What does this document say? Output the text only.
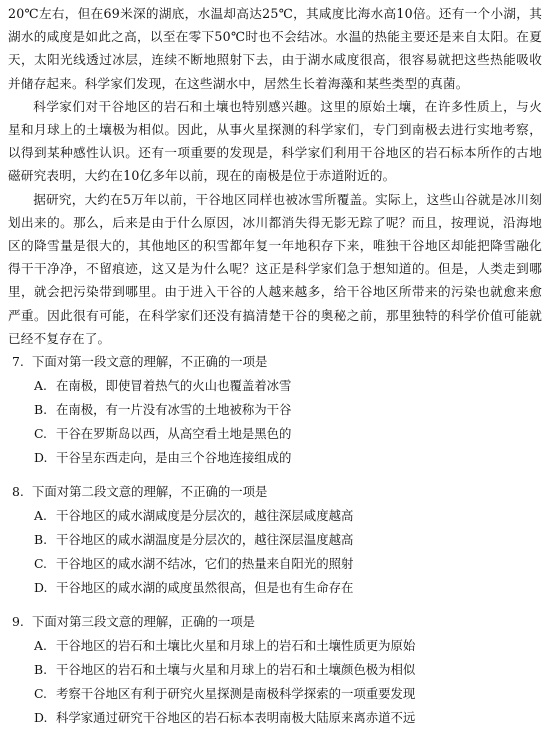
20℃左右，但在69米深的湖底，水温却高达25℃，其咸度比海水高10倍。还有一个小湖，其湖水的咸度是如此之高，以至在零下50℃时也不会结冰。水温的热能主要还是来自太阳。在夏天，太阳光线透过冰层，连续不断地照射下去，由于湖水咸度很高，很容易就把这些热能吸收并储存起来。科学家们发现，在这些湖水中，居然生长着海藻和某些类型的真菌。

科学家们对干谷地区的岩石和土壤也特别感兴趣。这里的原始土壤，在许多性质上，与火星和月球上的土壤极为相似。因此，从事火星探测的科学家们，专门到南极去进行实地考察，以得到某种感性认识。还有一项重要的发现是，科学家们利用干谷地区的岩石标本所作的古地磁研究表明，大约在10亿多年以前，现在的南极是位于赤道附近的。

据研究，大约在5万年以前，干谷地区同样也被冰雪所覆盖。实际上，这些山谷就是冰川刻划出来的。那么，后来是由于什么原因，冰川都消失得无影无踪了呢？而且，按理说，沿海地区的降雪量是很大的，其他地区的积雪都年复一年地积存下来，唯独干谷地区却能把降雪融化得干干净净，不留痕迹，这又是为什么呢？这正是科学家们急于想知道的。但是，人类走到哪里，就会把污染带到哪里。由于进入干谷的人越来越多，给干谷地区所带来的污染也就愈来愈严重。因此很有可能，在科学家们还没有搞清楚干谷的奥秘之前，那里独特的科学价值可能就已经不复存在了。

7. 下面对第一段文意的理解，不正确的一项是
A. 在南极，即使冒着热气的火山也覆盖着冰雪
B. 在南极，有一片没有冰雪的土地被称为干谷
C. 干谷在罗斯岛以西，从高空看土地是黑色的
D. 干谷呈东西走向，是由三个谷地连接组成的
8. 下面对第二段文意的理解，不正确的一项是
A. 干谷地区的咸水湖咸度是分层次的，越往深层咸度越高
B. 干谷地区的咸水湖温度是分层次的，越往深层温度越高
C. 干谷地区的咸水湖不结冰，它们的热量来自阳光的照射
D. 干谷地区的咸水湖的咸度虽然很高，但是也有生命存在
9. 下面对第三段文意的理解，正确的一项是
A. 干谷地区的岩石和土壤比火星和月球上的岩石和土壤性质更为原始
B. 干谷地区的岩石和土壤与火星和月球上的岩石和土壤颜色极为相似
C. 考察干谷地区有利于研究火星探测是南极科学探索的一项重要发现
D. 科学家通过研究干谷地区的岩石标本表明南极大陆原来离赤道不远
